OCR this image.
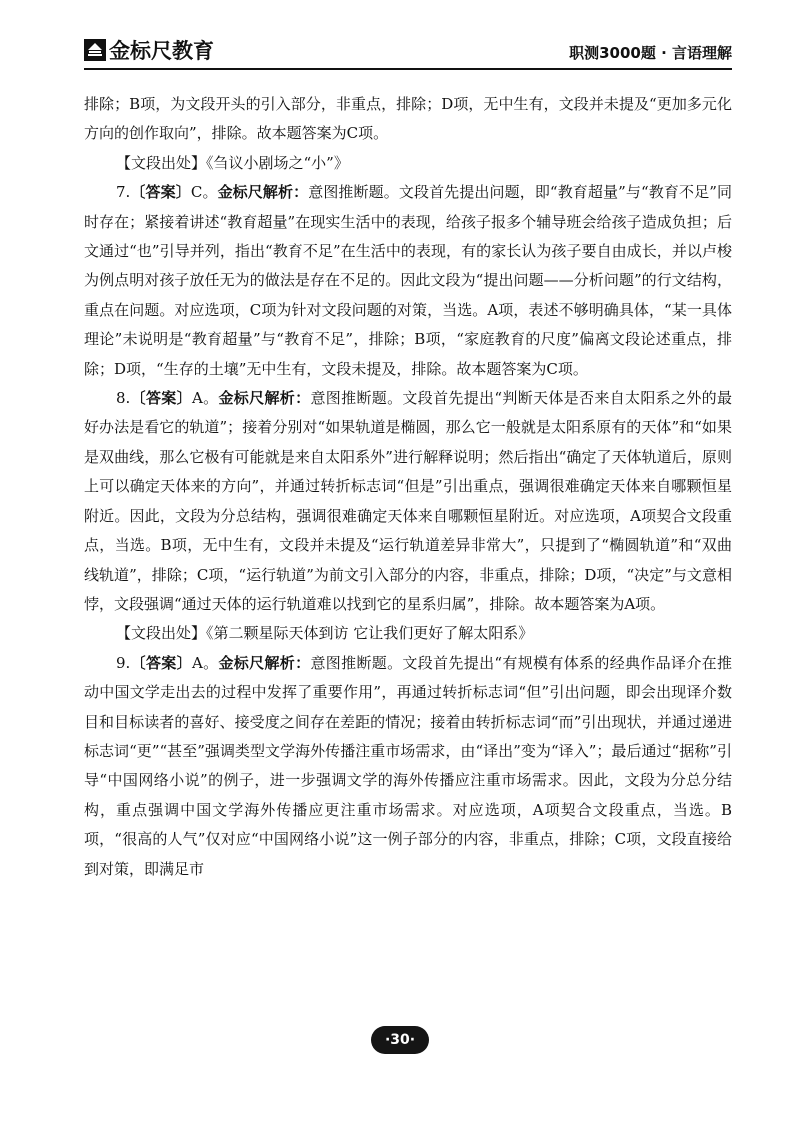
金标尺教育	职测3000题 · 言语理解

排除；B项，为文段开头的引入部分，非重点，排除；D项，无中生有，文段并未提及“更加多元化方向的创作取向”，排除。故本题答案为C项。

【文段出处】《刍议小剧场之“小”》

7.〔答案〕C。金标尺解析：意图推断题。文段首先提出问题，即“教育超量”与“教育不足”同时存在；紧接着讲述“教育超量”在现实生活中的表现，给孩子报多个辅导班会给孩子造成负担；后文通过“也”引导并列，指出“教育不足”在生活中的表现，有的家长认为孩子要自由成长，并以卢梭为例点明对孩子放任无为的做法是存在不足的。因此文段为“提出问题——分析问题”的行文结构，重点在问题。对应选项，C项为针对文段问题的对策，当选。A项，表述不够明确具体，“某一具体理论”未说明是“教育超量”与“教育不足”，排除；B项，“家庭教育的尺度”偏离文段论述重点，排除；D项，“生存的土壤”无中生有，文段未提及，排除。故本题答案为C项。

8.〔答案〕A。金标尺解析：意图推断题。文段首先提出“判断天体是否来自太阳系之外的最好办法是看它的轨道”；接着分别对“如果轨道是椭圆，那么它一般就是太阳系原有的天体”和“如果是双曲线，那么它极有可能就是来自太阳系外”进行解释说明；然后指出“确定了天体轨道后，原则上可以确定天体来的方向”，并通过转折标志词“但是”引出重点，强调很难确定天体来自哪颗恒星附近。因此，文段为分总结构，强调很难确定天体来自哪颗恒星附近。对应选项，A项契合文段重点，当选。B项，无中生有，文段并未提及“运行轨道差异非常大”，只提到了“椭圆轨道”和“双曲线轨道”，排除；C项，“运行轨道”为前文引入部分的内容，非重点，排除；D项，“决定”与文意相悖，文段强调“通过天体的运行轨道难以找到它的星系归属”，排除。故本题答案为A项。

【文段出处】《第二颗星际天体到访 它让我们更好了解太阳系》

9.〔答案〕A。金标尺解析：意图推断题。文段首先提出“有规模有体系的经典作品译介在推动中国文学走出去的过程中发挥了重要作用”，再通过转折标志词“但”引出问题，即会出现译介数目和目标读者的喜好、接受度之间存在差距的情况；接着由转折标志词“而”引出现状，并通过递进标志词“更”“甚至”强调类型文学海外传播注重市场需求，由“译出”变为“译入”；最后通过“据称”引导“中国网络小说”的例子，进一步强调文学的海外传播应注重市场需求。因此，文段为分总分结构，重点强调中国文学海外传播应更注重市场需求。对应选项，A项契合文段重点，当选。B项，“很高的人气”仅对应“中国网络小说”这一例子部分的内容，非重点，排除；C项，文段直接给到对策，即满足市

·30·
